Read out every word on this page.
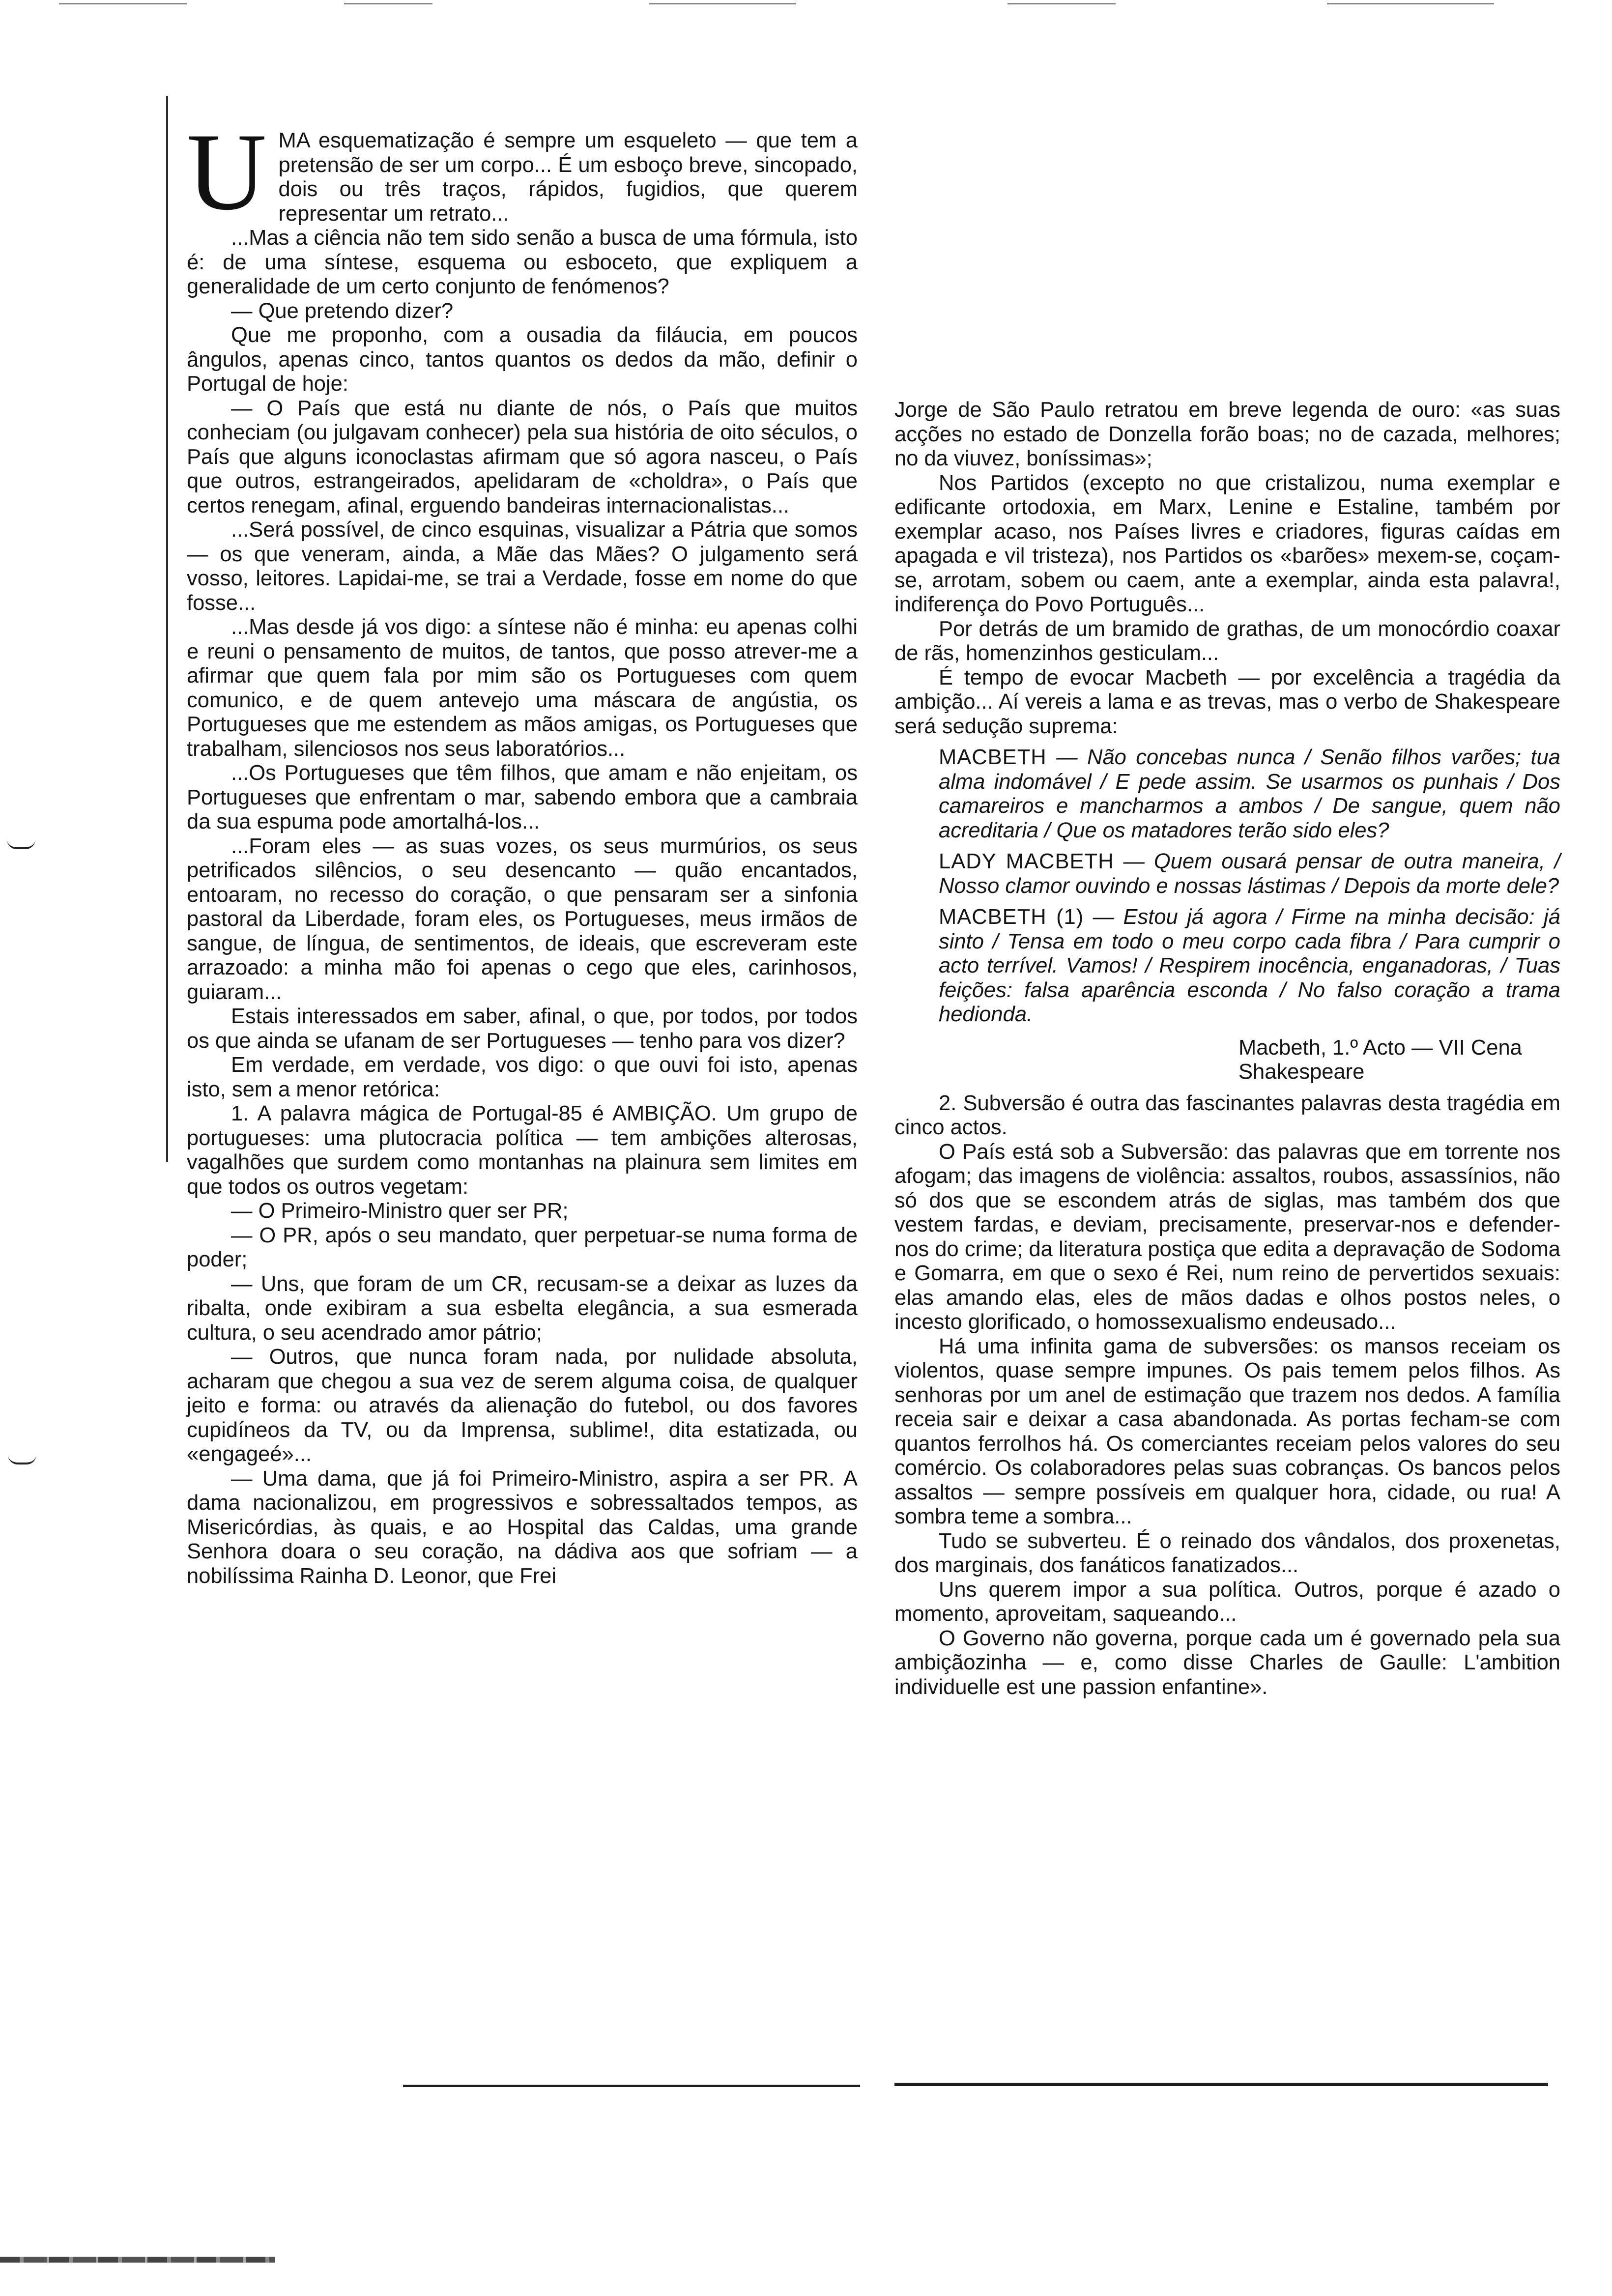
UMA esquematização é sempre um esqueleto — que tem a pretensão de ser um corpo... É um esboço breve, sincopado, dois ou três traços, rápidos, fugidios, que querem representar um retrato...

...Mas a ciência não tem sido senão a busca de uma fórmula, isto é: de uma síntese, esquema ou esboceto, que expliquem a generalidade de um certo conjunto de fenómenos?

— Que pretendo dizer?

Que me proponho, com a ousadia da filáucia, em poucos ângulos, apenas cinco, tantos quantos os dedos da mão, definir o Portugal de hoje:

— O País que está nu diante de nós, o País que muitos conheciam (ou julgavam conhecer) pela sua história de oito séculos, o País que alguns iconoclastas afirmam que só agora nasceu, o País que outros, estrangeirados, apelidaram de «choldra», o País que certos renegam, afinal, erguendo bandeiras internacionalistas...

...Será possível, de cinco esquinas, visualizar a Pátria que somos — os que veneram, ainda, a Mãe das Mães? O julgamento será vosso, leitores. Lapidai-me, se trai a Verdade, fosse em nome do que fosse...

...Mas desde já vos digo: a síntese não é minha: eu apenas colhi e reuni o pensamento de muitos, de tantos, que posso atrever-me a afirmar que quem fala por mim são os Portugueses com quem comunico, e de quem antevejo uma máscara de angústia, os Portugueses que me estendem as mãos amigas, os Portugueses que trabalham, silenciosos nos seus laboratórios...

...Os Portugueses que têm filhos, que amam e não enjeitam, os Portugueses que enfrentam o mar, sabendo embora que a cambraia da sua espuma pode amortalhá-los...

...Foram eles — as suas vozes, os seus murmúrios, os seus petrificados silêncios, o seu desencanto — quão encantados, entoaram, no recesso do coração, o que pensaram ser a sinfonia pastoral da Liberdade, foram eles, os Portugueses, meus irmãos de sangue, de língua, de sentimentos, de ideais, que escreveram este arrazoado: a minha mão foi apenas o cego que eles, carinhosos, guiaram...

Estais interessados em saber, afinal, o que, por todos, por todos os que ainda se ufanam de ser Portugueses — tenho para vos dizer?

Em verdade, em verdade, vos digo: o que ouvi foi isto, apenas isto, sem a menor retórica:

1. A palavra mágica de Portugal-85 é AMBIÇÃO. Um grupo de portugueses: uma plutocracia política — tem ambições alterosas, vagalhões que surdem como montanhas na plainura sem limites em que todos os outros vegetam:

— O Primeiro-Ministro quer ser PR;

— O PR, após o seu mandato, quer perpetuar-se numa forma de poder;

— Uns, que foram de um CR, recusam-se a deixar as luzes da ribalta, onde exibiram a sua esbelta elegância, a sua esmerada cultura, o seu acendrado amor pátrio;

— Outros, que nunca foram nada, por nulidade absoluta, acharam que chegou a sua vez de serem alguma coisa, de qualquer jeito e forma: ou através da alienação do futebol, ou dos favores cupidíneos da TV, ou da Imprensa, sublime!, dita estatizada, ou «engageé»...

— Uma dama, que já foi Primeiro-Ministro, aspira a ser PR. A dama nacionalizou, em progressivos e sobressaltados tempos, as Misericórdias, às quais, e ao Hospital das Caldas, uma grande Senhora doara o seu coração, na dádiva aos que sofriam — a nobilíssima Rainha D. Leonor, que Frei

Jorge de São Paulo retratou em breve legenda de ouro: «as suas acções no estado de Donzella forão boas; no de cazada, melhores; no da viuvez, boníssimas»;

Nos Partidos (excepto no que cristalizou, numa exemplar e edificante ortodoxia, em Marx, Lenine e Estaline, também por exemplar acaso, nos Países livres e criadores, figuras caídas em apagada e vil tristeza), nos Partidos os «barões» mexem-se, coçam-se, arrotam, sobem ou caem, ante a exemplar, ainda esta palavra!, indiferença do Povo Português...

Por detrás de um bramido de grathas, de um monocórdio coaxar de rãs, homenzinhos gesticulam...

É tempo de evocar Macbeth — por excelência a tragédia da ambição... Aí vereis a lama e as trevas, mas o verbo de Shakespeare será sedução suprema:

MACBETH — Não concebas nunca / Senão filhos varões; tua alma indomável / E pede assim. Se usarmos os punhais / Dos camareiros e mancharmos a ambos / De sangue, quem não acreditaria / Que os matadores terão sido eles?

LADY MACBETH — Quem ousará pensar de outra maneira, / Nosso clamor ouvindo e nossas lástimas / Depois da morte dele?

MACBETH (1) — Estou já agora / Firme na minha decisão: já sinto / Tensa em todo o meu corpo cada fibra / Para cumprir o acto terrível. Vamos! / Respirem inocência, enganadoras, / Tuas feições: falsa aparência esconda / No falso coração a trama hedionda.

Macbeth, 1.º Acto — VII Cena
Shakespeare

2. Subversão é outra das fascinantes palavras desta tragédia em cinco actos.

O País está sob a Subversão: das palavras que em torrente nos afogam; das imagens de violência: assaltos, roubos, assassínios, não só dos que se escondem atrás de siglas, mas também dos que vestem fardas, e deviam, precisamente, preservar-nos e defender-nos do crime; da literatura postiça que edita a depravação de Sodoma e Gomarra, em que o sexo é Rei, num reino de pervertidos sexuais: elas amando elas, eles de mãos dadas e olhos postos neles, o incesto glorificado, o homossexualismo endeusado...

Há uma infinita gama de subversões: os mansos receiam os violentos, quase sempre impunes. Os pais temem pelos filhos. As senhoras por um anel de estimação que trazem nos dedos. A família receia sair e deixar a casa abandonada. As portas fecham-se com quantos ferrolhos há. Os comerciantes receiam pelos valores do seu comércio. Os colaboradores pelas suas cobranças. Os bancos pelos assaltos — sempre possíveis em qualquer hora, cidade, ou rua! A sombra teme a sombra...

Tudo se subverteu. É o reinado dos vândalos, dos proxenetas, dos marginais, dos fanáticos fanatizados...

Uns querem impor a sua política. Outros, porque é azado o momento, aproveitam, saqueando...

O Governo não governa, porque cada um é governado pela sua ambiçãozinha — e, como disse Charles de Gaulle: L'ambition individuelle est une passion enfantine».
